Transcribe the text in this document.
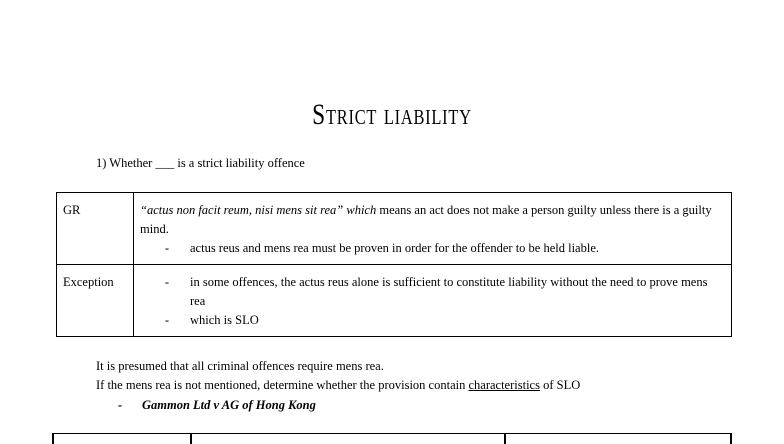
Strict liability
1) Whether ___ is a strict liability offence
GR	“actus non facit reum, nisi mens sit rea” which means an act does not make a person guilty unless there is a guilty mind.
- actus reus and mens rea must be proven in order for the offender to be held liable.

Exception	- in some offences, the actus reus alone is sufficient to constitute liability without the need to prove mens rea
- which is SLO
It is presumed that all criminal offences require mens rea.
If the mens rea is not mentioned, determine whether the provision contain characteristics of SLO
- Gammon Ltd v AG of Hong Kong
